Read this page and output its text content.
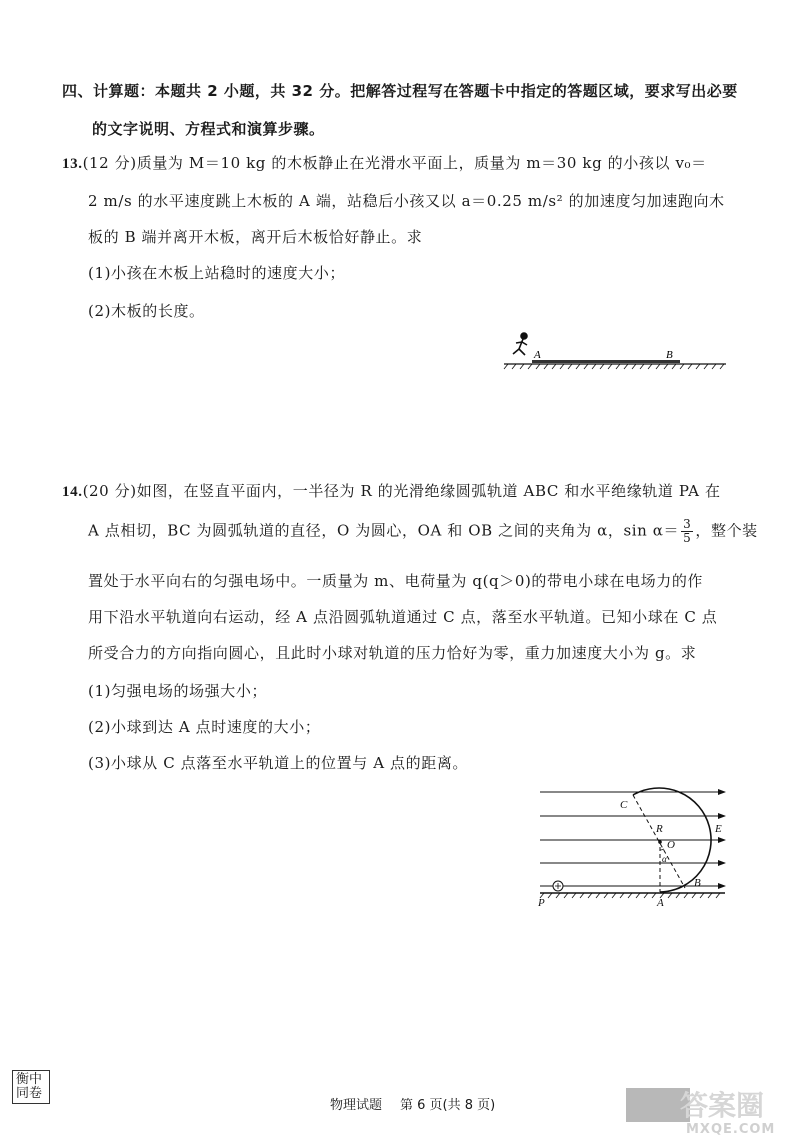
四、计算题：本题共 2 小题，共 32 分。把解答过程写在答题卡中指定的答题区域，要求写出必要
的文字说明、方程式和演算步骤。
13.(12 分)质量为 M＝10 kg 的木板静止在光滑水平面上，质量为 m＝30 kg 的小孩以 v₀＝
2 m/s 的水平速度跳上木板的 A 端，站稳后小孩又以 a＝0.25 m/s² 的加速度匀加速跑向木
板的 B 端并离开木板，离开后木板恰好静止。求
(1)小孩在木板上站稳时的速度大小；
(2)木板的长度。
A	B
14.(20 分)如图，在竖直平面内，一半径为 R 的光滑绝缘圆弧轨道 ABC 和水平绝缘轨道 PA 在
A 点相切，BC 为圆弧轨道的直径，O 为圆心，OA 和 OB 之间的夹角为 α，$\sin \alpha= \frac{3}{5}$ ，整个装
置处于水平向右的匀强电场中。一质量为 m、电荷量为 q(q＞0)的带电小球在电场力的作
用下沿水平轨道向右运动，经 A 点沿圆弧轨道通过 C 点，落至水平轨道。已知小球在 C 点
所受合力的方向指向圆心，且此时小球对轨道的压力恰好为零，重力加速度大小为 g。求
(1)匀强电场的场强大小；
(2)小球到达 A 点时速度的大小；
(3)小球从 C 点落至水平轨道上的位置与 A 点的距离。
C
R
O
α
E
B
P	A
衡中
同卷
物理试题 第 6 页(共 8 页)	答案圈
MXQE.COM
